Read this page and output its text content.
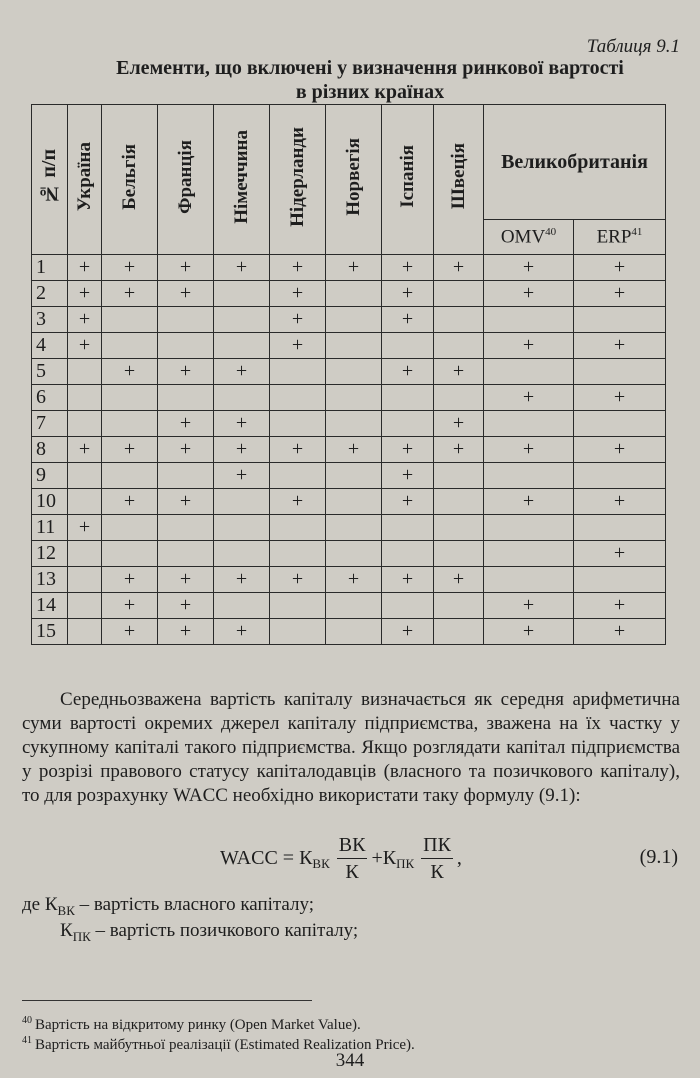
Таблиця 9.1
Елементи, що включені у визначення ринкової вартості
в різних країнах
№ п/п	Україна	Бельгія	Франція	Німеччина	Нідерланди	Норвегія	Іспанія	Швеція	Великобританія	
									OMV$^{40}$	ERP$^{41}$
1	+	+	+	+	+	+	+	+	+	+
2	+	+	+		+		+		+	+
3	+				+		+			
4	+				+				+	+
5		+	+	+			+	+		
6									+	+
7			+	+				+		
8	+	+	+	+	+	+	+	+	+	+
9				+			+			
10		+	+		+		+		+	+
11	+									
12										+
13		+	+	+	+	+	+	+		
14		+	+						+	+
15		+	+	+			+		+	+
Середньозважена вартість капіталу визначається як середня арифметична суми вартості окремих джерел капіталу підприємства, зважена на їх частку у сукупному капіталі такого підприємства. Якщо розглядати капітал підприємства у розрізі правового статусу капіталодавців (власного та позичкового капіталу), то для розрахунку WACC необхідно використати таку формулу (9.1):
WACC = К ВК $\frac{ВК}{К} +К$ ПК $\frac{ПК}{К}$ ,	(9.1)
де $К_{ВК}$ – вартість власного капіталу;
$К_{ПК}$ – вартість позичкового капіталу;
$^{40}$ Вартість на відкритому ринку (Open Market Value).
$^{41}$ Вартість майбутньої реалізації (Estimated Realization Price).
344
